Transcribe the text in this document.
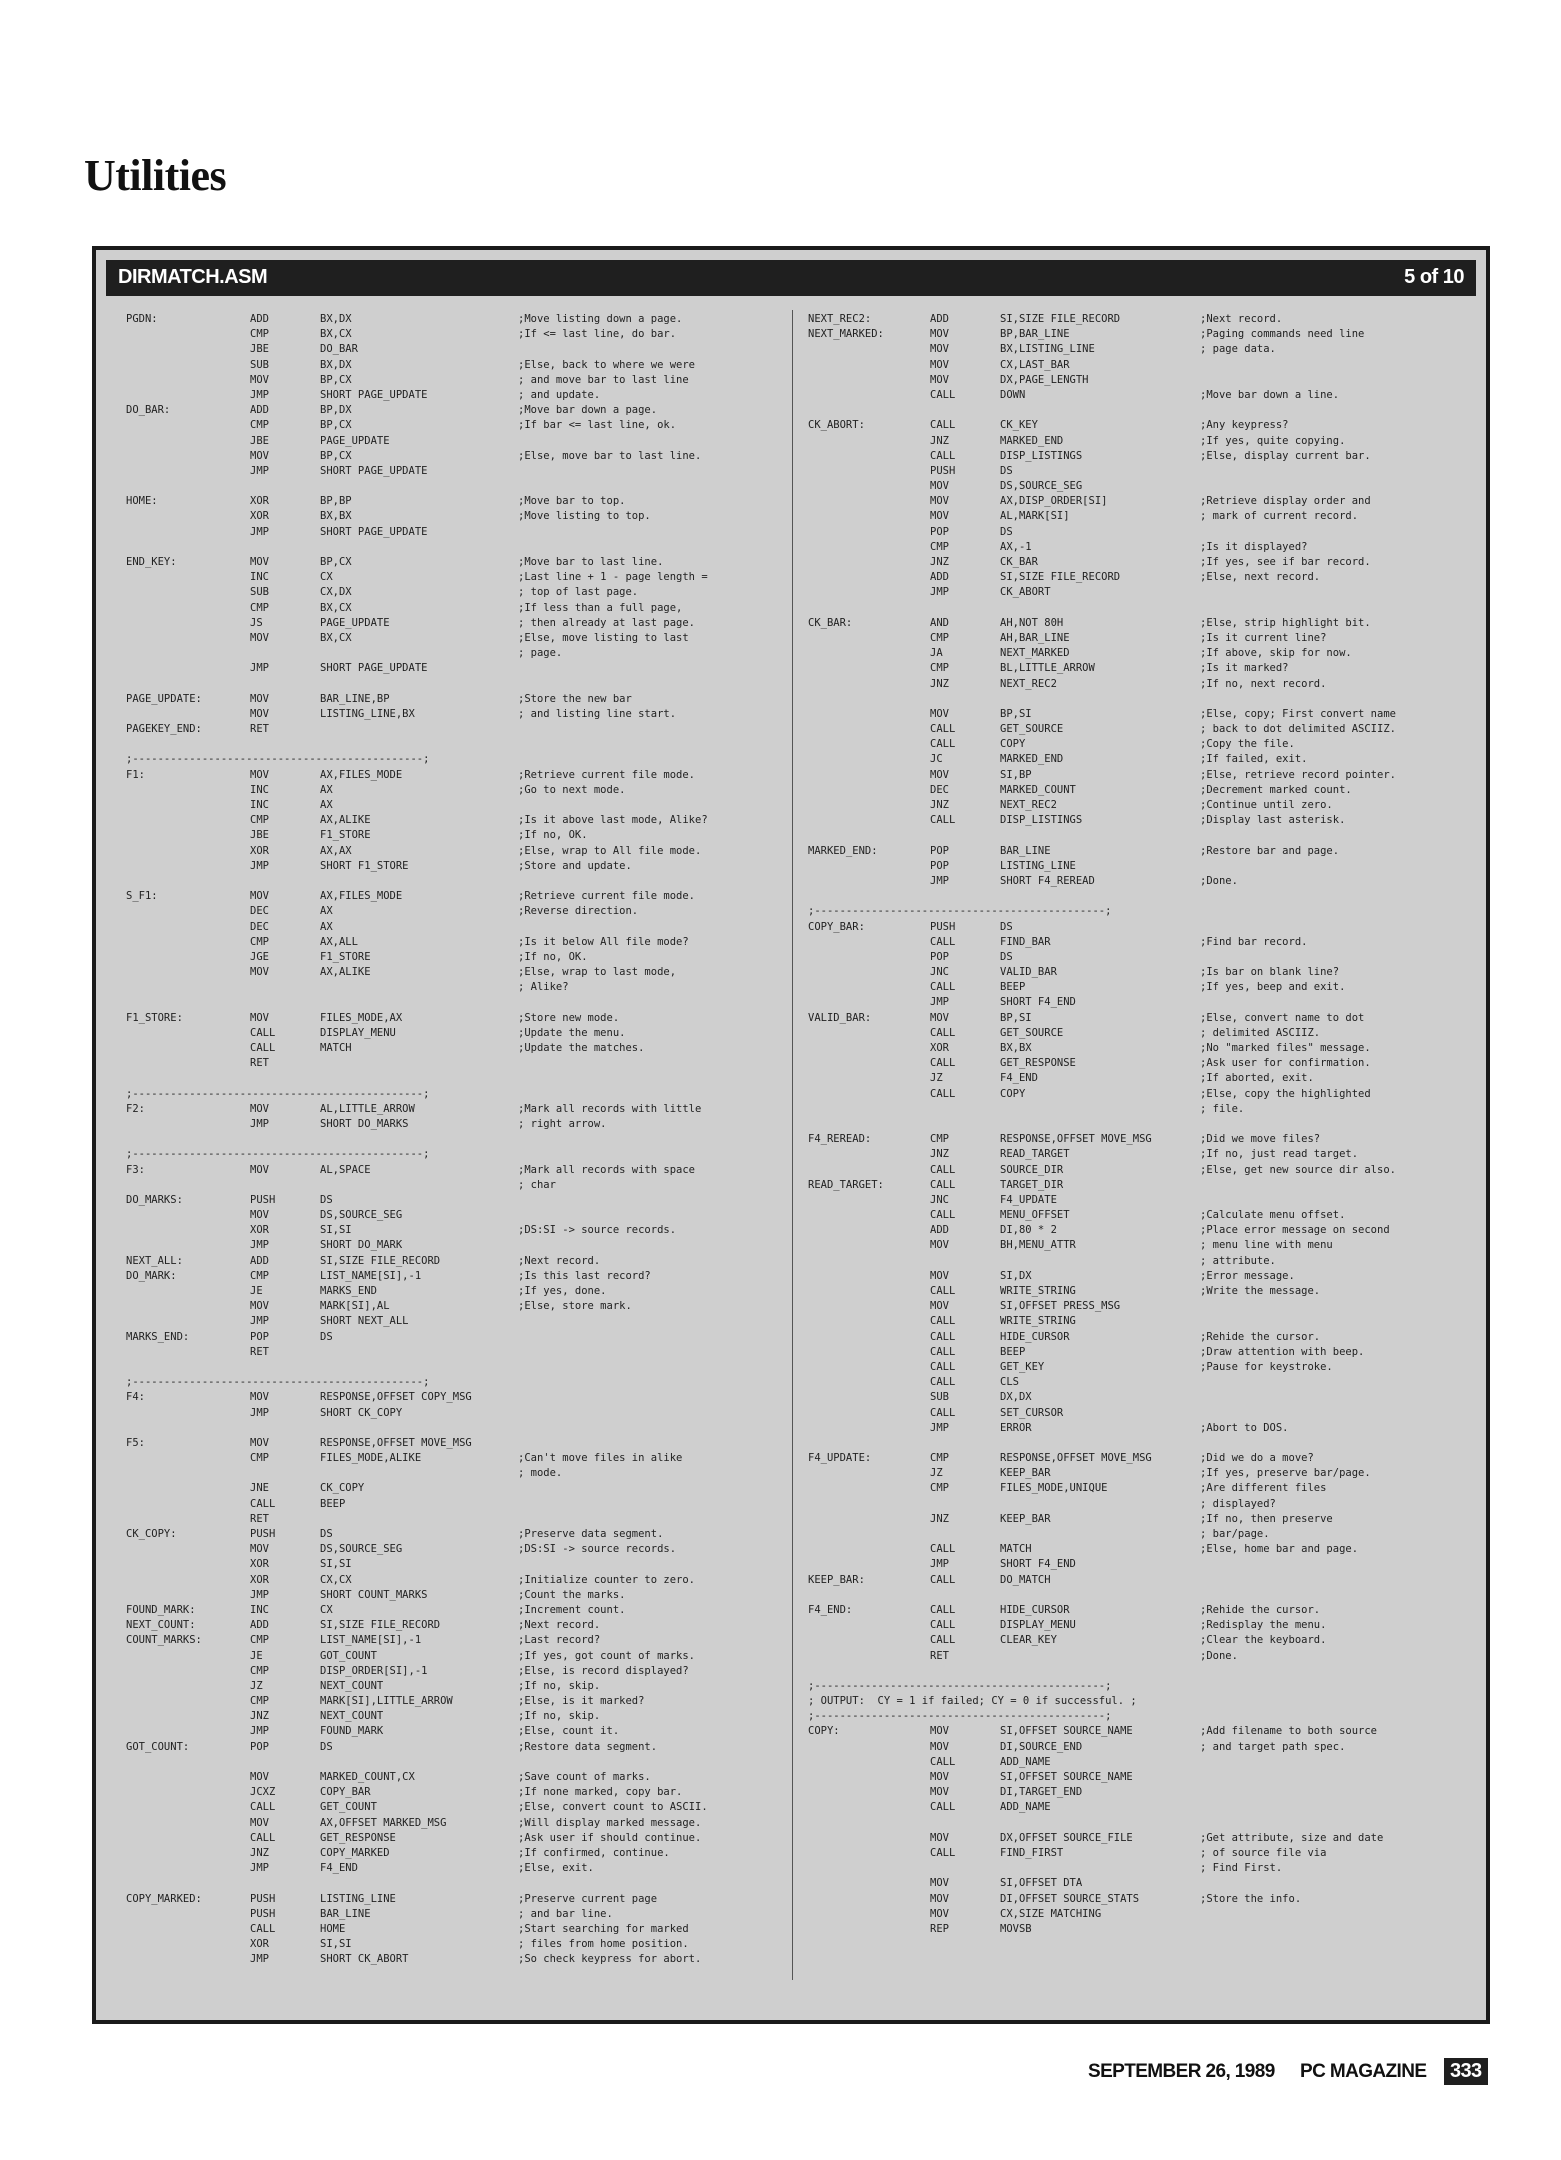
Utilities
DIRMATCH.ASM	5 of 10
PGDN:	ADD	BX,DX	;Move listing down a page.
CMP	BX,CX	;If <= last line, do bar.
JBE	DO_BAR
SUB	BX,DX	;Else, back to where we were
MOV	BP,CX	; and move bar to last line
JMP	SHORT PAGE_UPDATE	; and update.
DO_BAR:	ADD	BP,DX	;Move bar down a page.
CMP	BP,CX	;If bar <= last line, ok.
JBE	PAGE_UPDATE
MOV	BP,CX	;Else, move bar to last line.
JMP	SHORT PAGE_UPDATE
HOME:	XOR	BP,BP	;Move bar to top.
XOR	BX,BX	;Move listing to top.
JMP	SHORT PAGE_UPDATE
END_KEY:	MOV	BP,CX	;Move bar to last line.
INC	CX	;Last line + 1 - page length =
SUB	CX,DX	; top of last page.
CMP	BX,CX	;If less than a full page,
JS	PAGE_UPDATE	; then already at last page.
MOV	BX,CX	;Else, move listing to last
; page.
JMP	SHORT PAGE_UPDATE
PAGE_UPDATE:	MOV	BAR_LINE,BP	;Store the new bar
MOV	LISTING_LINE,BX	; and listing line start.
PAGEKEY_END:	RET
;----------------------------------------------;
F1:	MOV	AX,FILES_MODE	;Retrieve current file mode.
INC	AX	;Go to next mode.
INC	AX
CMP	AX,ALIKE	;Is it above last mode, Alike?
JBE	F1_STORE	;If no, OK.
XOR	AX,AX	;Else, wrap to All file mode.
JMP	SHORT F1_STORE	;Store and update.
S_F1:	MOV	AX,FILES_MODE	;Retrieve current file mode.
DEC	AX	;Reverse direction.
DEC	AX
CMP	AX,ALL	;Is it below All file mode?
JGE	F1_STORE	;If no, OK.
MOV	AX,ALIKE	;Else, wrap to last mode,
; Alike?
F1_STORE:	MOV	FILES_MODE,AX	;Store new mode.
CALL	DISPLAY_MENU	;Update the menu.
CALL	MATCH	;Update the matches.
RET
;----------------------------------------------;
F2:	MOV	AL,LITTLE_ARROW	;Mark all records with little
JMP	SHORT DO_MARKS	; right arrow.
;----------------------------------------------;
F3:	MOV	AL,SPACE	;Mark all records with space
; char
DO_MARKS:	PUSH	DS
MOV	DS,SOURCE_SEG
XOR	SI,SI	;DS:SI -> source records.
JMP	SHORT DO_MARK
NEXT_ALL:	ADD	SI,SIZE FILE_RECORD	;Next record.
DO_MARK:	CMP	LIST_NAME[SI],-1	;Is this last record?
JE	MARKS_END	;If yes, done.
MOV	MARK[SI],AL	;Else, store mark.
JMP	SHORT NEXT_ALL
MARKS_END:	POP	DS
RET
;----------------------------------------------;
F4:	MOV	RESPONSE,OFFSET COPY_MSG
JMP	SHORT CK_COPY
F5:	MOV	RESPONSE,OFFSET MOVE_MSG
CMP	FILES_MODE,ALIKE	;Can't move files in alike
; mode.
JNE	CK_COPY
CALL	BEEP
RET
CK_COPY:	PUSH	DS	;Preserve data segment.
MOV	DS,SOURCE_SEG	;DS:SI -> source records.
XOR	SI,SI
XOR	CX,CX	;Initialize counter to zero.
JMP	SHORT COUNT_MARKS	;Count the marks.
FOUND_MARK:	INC	CX	;Increment count.
NEXT_COUNT:	ADD	SI,SIZE FILE_RECORD	;Next record.
COUNT_MARKS:	CMP	LIST_NAME[SI],-1	;Last record?
JE	GOT_COUNT	;If yes, got count of marks.
CMP	DISP_ORDER[SI],-1	;Else, is record displayed?
JZ	NEXT_COUNT	;If no, skip.
CMP	MARK[SI],LITTLE_ARROW	;Else, is it marked?
JNZ	NEXT_COUNT	;If no, skip.
JMP	FOUND_MARK	;Else, count it.
GOT_COUNT:	POP	DS	;Restore data segment.
MOV	MARKED_COUNT,CX	;Save count of marks.
JCXZ	COPY_BAR	;If none marked, copy bar.
CALL	GET_COUNT	;Else, convert count to ASCII.
MOV	AX,OFFSET MARKED_MSG	;Will display marked message.
CALL	GET_RESPONSE	;Ask user if should continue.
JNZ	COPY_MARKED	;If confirmed, continue.
JMP	F4_END	;Else, exit.
COPY_MARKED:	PUSH	LISTING_LINE	;Preserve current page
PUSH	BAR_LINE	; and bar line.
CALL	HOME	;Start searching for marked
XOR	SI,SI	; files from home position.
JMP	SHORT CK_ABORT	;So check keypress for abort.
NEXT_REC2:	ADD	SI,SIZE FILE_RECORD	;Next record.
NEXT_MARKED:	MOV	BP,BAR_LINE	;Paging commands need line
MOV	BX,LISTING_LINE	; page data.
MOV	CX,LAST_BAR
MOV	DX,PAGE_LENGTH
CALL	DOWN	;Move bar down a line.
CK_ABORT:	CALL	CK_KEY	;Any keypress?
JNZ	MARKED_END	;If yes, quite copying.
CALL	DISP_LISTINGS	;Else, display current bar.
PUSH	DS
MOV	DS,SOURCE_SEG
MOV	AX,DISP_ORDER[SI]	;Retrieve display order and
MOV	AL,MARK[SI]	; mark of current record.
POP	DS
CMP	AX,-1	;Is it displayed?
JNZ	CK_BAR	;If yes, see if bar record.
ADD	SI,SIZE FILE_RECORD	;Else, next record.
JMP	CK_ABORT
CK_BAR:	AND	AH,NOT 80H	;Else, strip highlight bit.
CMP	AH,BAR_LINE	;Is it current line?
JA	NEXT_MARKED	;If above, skip for now.
CMP	BL,LITTLE_ARROW	;Is it marked?
JNZ	NEXT_REC2	;If no, next record.
MOV	BP,SI	;Else, copy; First convert name
CALL	GET_SOURCE	; back to dot delimited ASCIIZ.
CALL	COPY	;Copy the file.
JC	MARKED_END	;If failed, exit.
MOV	SI,BP	;Else, retrieve record pointer.
DEC	MARKED_COUNT	;Decrement marked count.
JNZ	NEXT_REC2	;Continue until zero.
CALL	DISP_LISTINGS	;Display last asterisk.
MARKED_END:	POP	BAR_LINE	;Restore bar and page.
POP	LISTING_LINE
JMP	SHORT F4_REREAD	;Done.
;----------------------------------------------;
COPY_BAR:	PUSH	DS
CALL	FIND_BAR	;Find bar record.
POP	DS
JNC	VALID_BAR	;Is bar on blank line?
CALL	BEEP	;If yes, beep and exit.
JMP	SHORT F4_END
VALID_BAR:	MOV	BP,SI	;Else, convert name to dot
CALL	GET_SOURCE	; delimited ASCIIZ.
XOR	BX,BX	;No "marked files" message.
CALL	GET_RESPONSE	;Ask user for confirmation.
JZ	F4_END	;If aborted, exit.
CALL	COPY	;Else, copy the highlighted
; file.
F4_REREAD:	CMP	RESPONSE,OFFSET MOVE_MSG	;Did we move files?
JNZ	READ_TARGET	;If no, just read target.
CALL	SOURCE_DIR	;Else, get new source dir also.
READ_TARGET:	CALL	TARGET_DIR
JNC	F4_UPDATE
CALL	MENU_OFFSET	;Calculate menu offset.
ADD	DI,80 * 2	;Place error message on second
MOV	BH,MENU_ATTR	; menu line with menu
; attribute.
MOV	SI,DX	;Error message.
CALL	WRITE_STRING	;Write the message.
MOV	SI,OFFSET PRESS_MSG
CALL	WRITE_STRING
CALL	HIDE_CURSOR	;Rehide the cursor.
CALL	BEEP	;Draw attention with beep.
CALL	GET_KEY	;Pause for keystroke.
CALL	CLS
SUB	DX,DX
CALL	SET_CURSOR
JMP	ERROR	;Abort to DOS.
F4_UPDATE:	CMP	RESPONSE,OFFSET MOVE_MSG	;Did we do a move?
JZ	KEEP_BAR	;If yes, preserve bar/page.
CMP	FILES_MODE,UNIQUE	;Are different files
; displayed?
JNZ	KEEP_BAR	;If no, then preserve
; bar/page.
CALL	MATCH	;Else, home bar and page.
JMP	SHORT F4_END
KEEP_BAR:	CALL	DO_MATCH
F4_END:	CALL	HIDE_CURSOR	;Rehide the cursor.
CALL	DISPLAY_MENU	;Redisplay the menu.
CALL	CLEAR_KEY	;Clear the keyboard.
RET	;Done.
;----------------------------------------------;
; OUTPUT:  CY = 1 if failed; CY = 0 if successful. ;
;----------------------------------------------;
COPY:	MOV	SI,OFFSET SOURCE_NAME	;Add filename to both source
MOV	DI,SOURCE_END	; and target path spec.
CALL	ADD_NAME
MOV	SI,OFFSET SOURCE_NAME
MOV	DI,TARGET_END
CALL	ADD_NAME
MOV	DX,OFFSET SOURCE_FILE	;Get attribute, size and date
CALL	FIND_FIRST	; of source file via
; Find First.
MOV	SI,OFFSET DTA
MOV	DI,OFFSET SOURCE_STATS	;Store the info.
MOV	CX,SIZE MATCHING
REP	MOVSB
SEPTEMBER 26, 1989 PC MAGAZINE	333
